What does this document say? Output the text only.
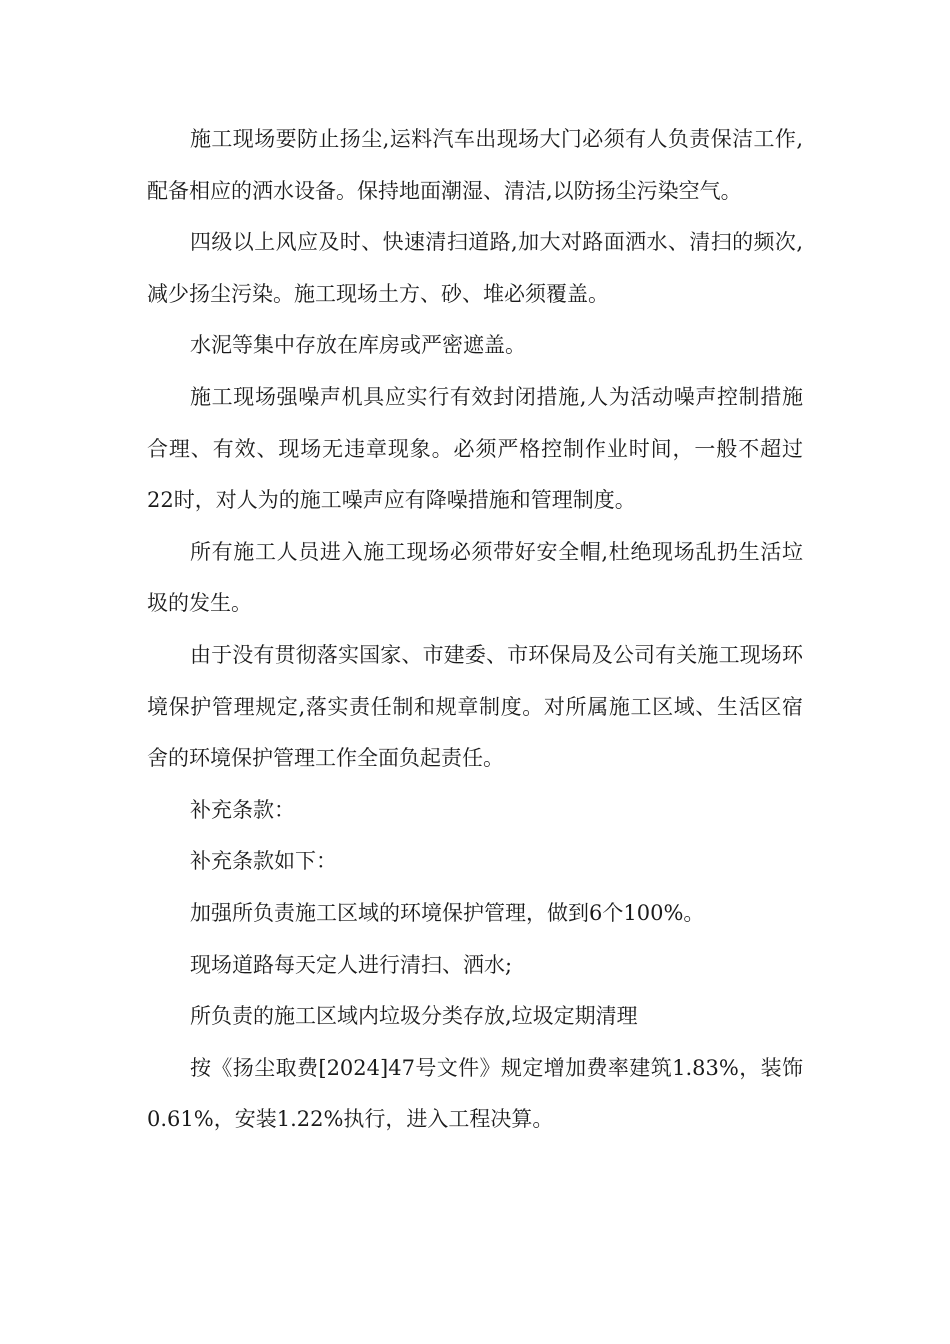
施工现场要防止扬尘,运料汽车出现场大门必须有人负责保洁工作,配备相应的洒水设备。保持地面潮湿、清洁,以防扬尘污染空气。

四级以上风应及时、快速清扫道路,加大对路面洒水、清扫的频次,减少扬尘污染。施工现场土方、砂、堆必须覆盖。

水泥等集中存放在库房或严密遮盖。

施工现场强噪声机具应实行有效封闭措施,人为活动噪声控制措施合理、有效、现场无违章现象。必须严格控制作业时间，一般不超过22时，对人为的施工噪声应有降噪措施和管理制度。

所有施工人员进入施工现场必须带好安全帽,杜绝现场乱扔生活垃圾的发生。

由于没有贯彻落实国家、市建委、市环保局及公司有关施工现场环境保护管理规定,落实责任制和规章制度。对所属施工区域、生活区宿舍的环境保护管理工作全面负起责任。

补充条款：

补充条款如下：

加强所负责施工区域的环境保护管理，做到6个100%。

现场道路每天定人进行清扫、洒水;

所负责的施工区域内垃圾分类存放,垃圾定期清理

按《扬尘取费[2024]47号文件》规定增加费率建筑1.83%，装饰0.61%，安装1.22%执行，进入工程决算。
